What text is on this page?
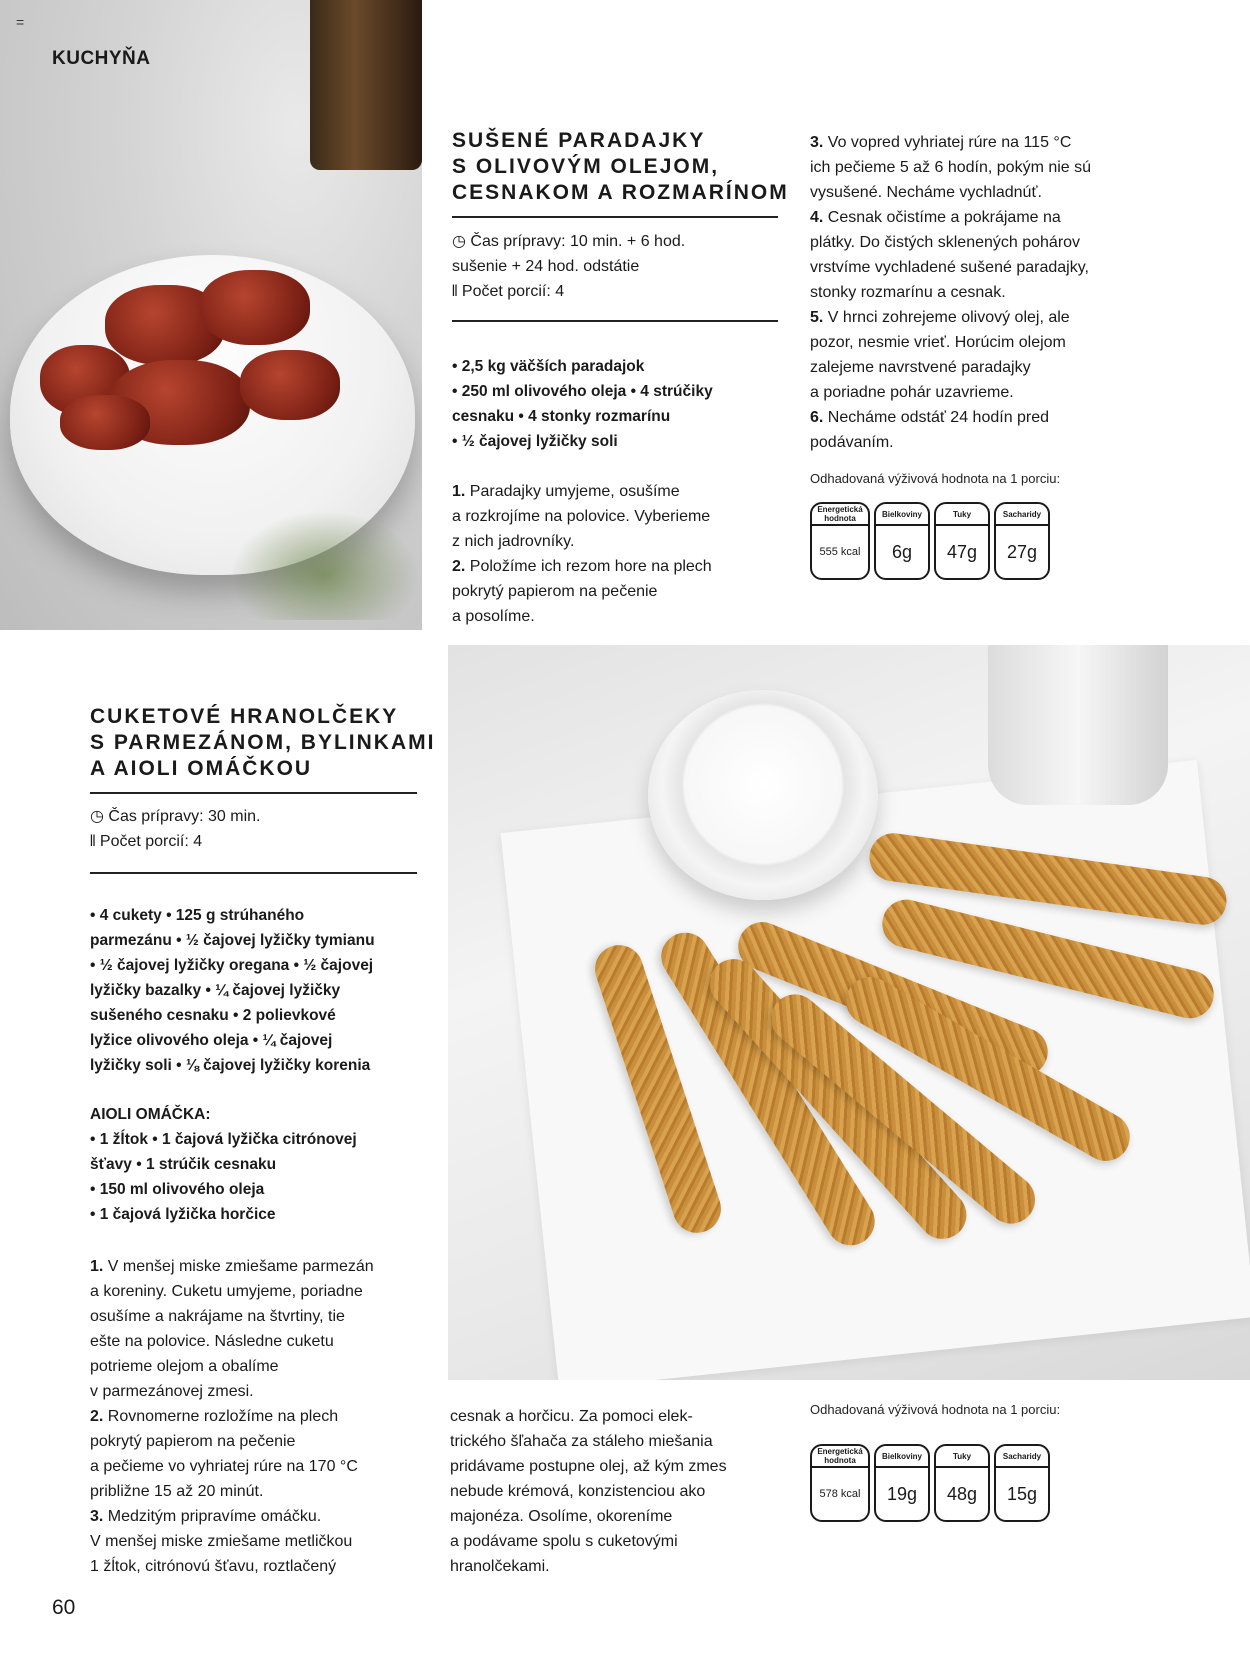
=
KUCHYŇA
SUŠENÉ PARADAJKY
S OLIVOVÝM OLEJOM,
CESNAKOM A ROZMARÍNOM
◷ Čas prípravy: 10 min. + 6 hod.
sušenie + 24 hod. odstátie
𝍪 Počet porcií: 4
• 2,5 kg väčších paradajok
• 250 ml olivového oleja • 4 strúčiky
cesnaku • 4 stonky rozmarínu
• ½ čajovej lyžičky soli
1. Paradajky umyjeme, osušíme
a rozkrojíme na polovice. Vyberieme
z nich jadrovníky.
2. Položíme ich rezom hore na plech
pokrytý papierom na pečenie
a posolíme.
3. Vo vopred vyhriatej rúre na 115 °C
ich pečieme 5 až 6 hodín, pokým nie sú
vysušené. Necháme vychladnúť.
4. Cesnak očistíme a pokrájame na
plátky. Do čistých sklenených pohárov
vrstvíme vychladené sušené paradajky,
stonky rozmarínu a cesnak.
5. V hrnci zohrejeme olivový olej, ale
pozor, nesmie vrieť. Horúcim olejom
zalejeme navrstvené paradajky
a poriadne pohár uzavrieme.
6. Necháme odstáť 24 hodín pred
podávaním.
Odhadovaná výživová hodnota na 1 porciu:
Energetická hodnota
555 kcal
Bielkoviny
6g
Tuky
47g
Sacharidy
27g
CUKETOVÉ HRANOLČEKY
S PARMEZÁNOM, BYLINKAMI
A AIOLI OMÁČKOU
◷ Čas prípravy: 30 min.
𝍪 Počet porcií: 4
• 4 cukety • 125 g strúhaného
parmezánu • ½ čajovej lyžičky tymianu
• ½ čajovej lyžičky oregana • ½ čajovej
lyžičky bazalky • ¼ čajovej lyžičky
sušeného cesnaku • 2 polievkové
lyžice olivového oleja • ¼ čajovej
lyžičky soli • ⅛ čajovej lyžičky korenia
AIOLI OMÁČKA:
• 1 žĺtok • 1 čajová lyžička citrónovej
šťavy • 1 strúčik cesnaku
• 150 ml olivového oleja
• 1 čajová lyžička horčice
1. V menšej miske zmiešame parmezán
a koreniny. Cuketu umyjeme, poriadne
osušíme a nakrájame na štvrtiny, tie
ešte na polovice. Následne cuketu
potrieme olejom a obalíme
v parmezánovej zmesi.
2. Rovnomerne rozložíme na plech
pokrytý papierom na pečenie
a pečieme vo vyhriatej rúre na 170 °C
približne 15 až 20 minút.
3. Medzitým pripravíme omáčku.
V menšej miske zmiešame metličkou
1 žĺtok, citrónovú šťavu, roztlačený
cesnak a horčicu. Za pomoci elek-
trického šľahača za stáleho miešania
pridávame postupne olej, až kým zmes
nebude krémová, konzistenciou ako
majonéza. Osolíme, okoreníme
a podávame spolu s cuketovými
hranolčekami.
Odhadovaná výživová hodnota na 1 porciu:
Energetická hodnota
578 kcal
Bielkoviny
19g
Tuky
48g
Sacharidy
15g
60
